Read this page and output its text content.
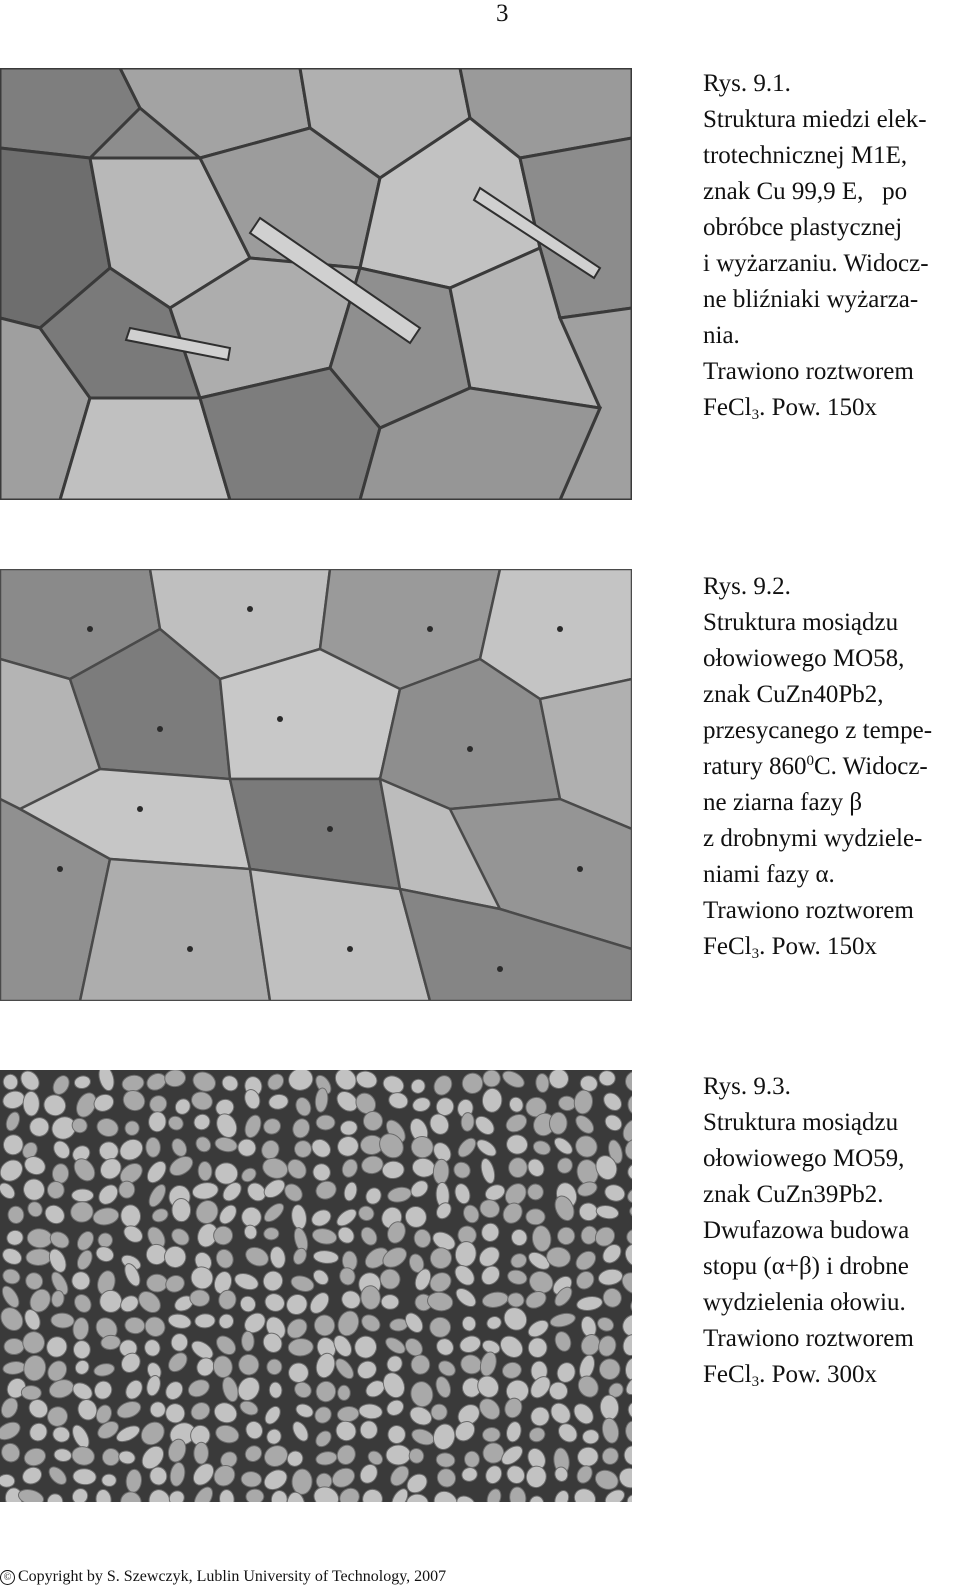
3
Rys. 9.1.
Struktura miedzi elek-
trotechnicznej M1E,
znak Cu 99,9 E,   po
obróbce plastycznej
i wyżarzaniu. Widocz-
ne bliźniaki wyżarza-
nia.
Trawiono roztworem
FeCl$_3$. Pow. 150x
Rys. 9.2.
Struktura mosiądzu
ołowiowego MO58,
znak CuZn40Pb2,
przesycanego z tempe-
ratury $860^0C$. Widocz-
ne ziarna fazy β
z drobnymi wydziele-
niami fazy α.
Trawiono roztworem
FeCl$_3$. Pow. 150x
Rys. 9.3.
Struktura mosiądzu
ołowiowego MO59,
znak CuZn39Pb2.
Dwufazowa budowa
stopu (α+β) i drobne
wydzielenia ołowiu.
Trawiono roztworem
FeCl$_3$. Pow. 300x
© Copyright by S. Szewczyk, Lublin University of Technology, 2007
